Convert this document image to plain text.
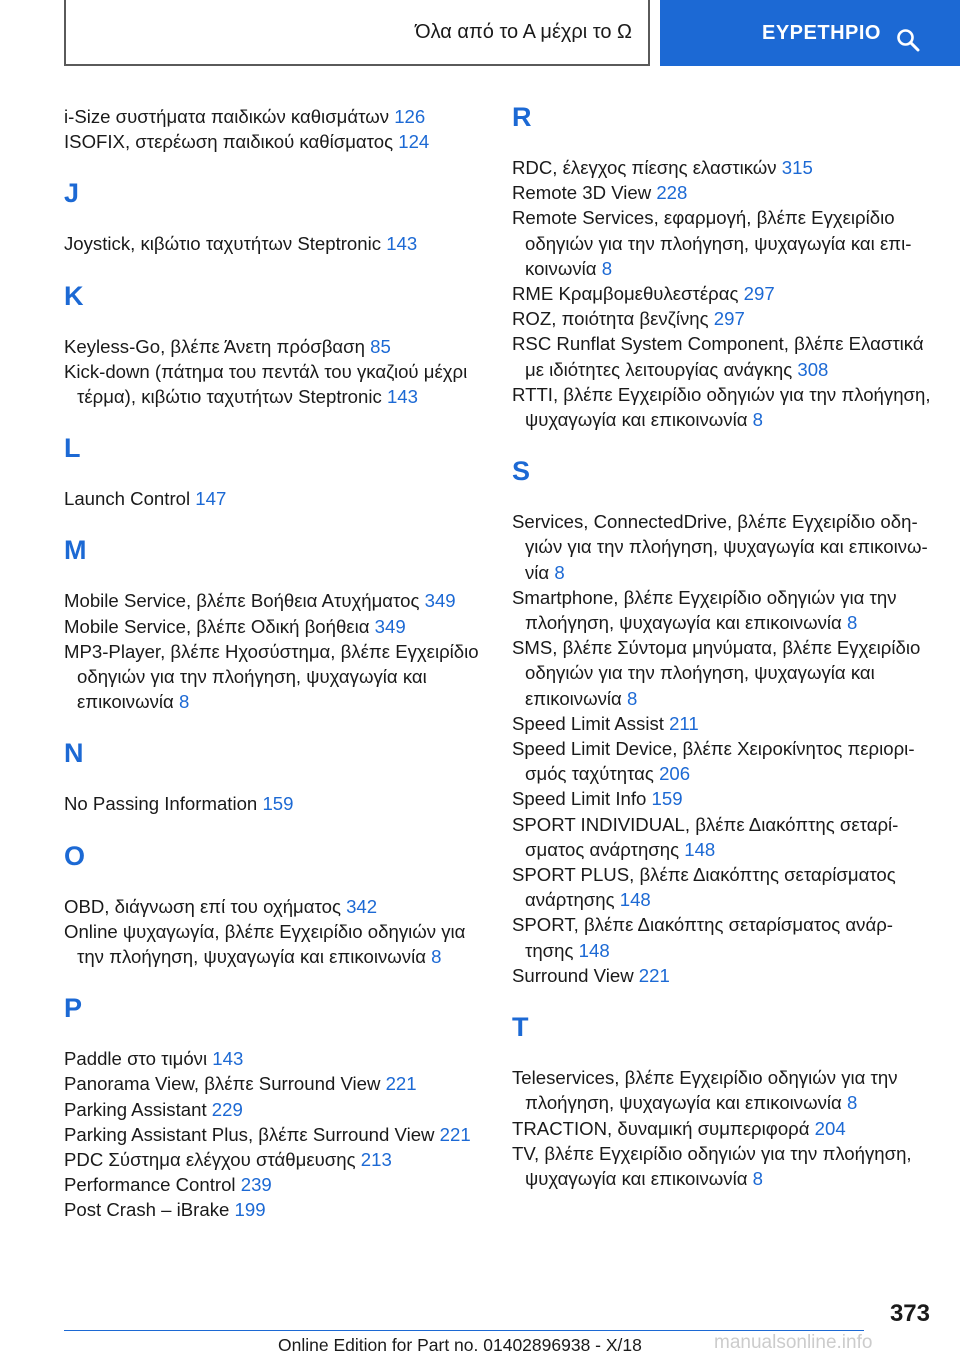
Όλα από το Α μέχρι το Ω	ΕΥΡΕΤΗΡΙΟ
i-Size συστήματα παιδικών καθισμάτων 126
ISOFIX, στερέωση παιδικού καθίσματος 124
J
Joystick, κιβώτιο ταχυτήτων Steptronic 143
K
Keyless-Go, βλέπε Άνετη πρόσβαση 85
Kick-down (πάτημα του πεντάλ του γκαζιού μέχρι τέρμα), κιβώτιο ταχυτήτων Steptronic 143
L
Launch Control 147
M
Mobile Service, βλέπε Βοήθεια Ατυχήματος 349
Mobile Service, βλέπε Οδική βοήθεια 349
MP3-Player, βλέπε Ηχοσύστημα, βλέπε Εγχειρίδιο οδηγιών για την πλοήγηση, ψυχαγωγία και επικοινωνία 8
N
No Passing Information 159
O
OBD, διάγνωση επί του οχήματος 342
Online ψυχαγωγία, βλέπε Εγχειρίδιο οδηγιών για την πλοήγηση, ψυχαγωγία και επικοινωνία 8
P
Paddle στο τιμόνι 143
Panorama View, βλέπε Surround View 221
Parking Assistant 229
Parking Assistant Plus, βλέπε Surround View 221
PDC Σύστημα ελέγχου στάθμευσης 213
Performance Control 239
Post Crash – iBrake 199
R
RDC, έλεγχος πίεσης ελαστικών 315
Remote 3D View 228
Remote Services, εφαρμογή, βλέπε Εγχειρίδιο οδηγιών για την πλοήγηση, ψυχαγωγία και επικοινωνία 8
RME Κραμβομεθυλεστέρας 297
ROZ, ποιότητα βενζίνης 297
RSC Runflat System Component, βλέπε Ελαστικά με ιδιότητες λειτουργίας ανάγκης 308
RTTI, βλέπε Εγχειρίδιο οδηγιών για την πλοήγηση, ψυχαγωγία και επικοινωνία 8
S
Services, ConnectedDrive, βλέπε Εγχειρίδιο οδηγιών για την πλοήγηση, ψυχαγωγία και επικοινωνία 8
Smartphone, βλέπε Εγχειρίδιο οδηγιών για την πλοήγηση, ψυχαγωγία και επικοινωνία 8
SMS, βλέπε Σύντομα μηνύματα, βλέπε Εγχειρίδιο οδηγιών για την πλοήγηση, ψυχαγωγία και επικοινωνία 8
Speed Limit Assist 211
Speed Limit Device, βλέπε Χειροκίνητος περιορισμός ταχύτητας 206
Speed Limit Info 159
SPORT INDIVIDUAL, βλέπε Διακόπτης σεταρίσματος ανάρτησης 148
SPORT PLUS, βλέπε Διακόπτης σεταρίσματος ανάρτησης 148
SPORT, βλέπε Διακόπτης σεταρίσματος ανάρτησης 148
Surround View 221
T
Teleservices, βλέπε Εγχειρίδιο οδηγιών για την πλοήγηση, ψυχαγωγία και επικοινωνία 8
TRACTION, δυναμική συμπεριφορά 204
TV, βλέπε Εγχειρίδιο οδηγιών για την πλοήγηση, ψυχαγωγία και επικοινωνία 8
373
Online Edition for Part no. 01402896938 - X/18	manualsonline.info
